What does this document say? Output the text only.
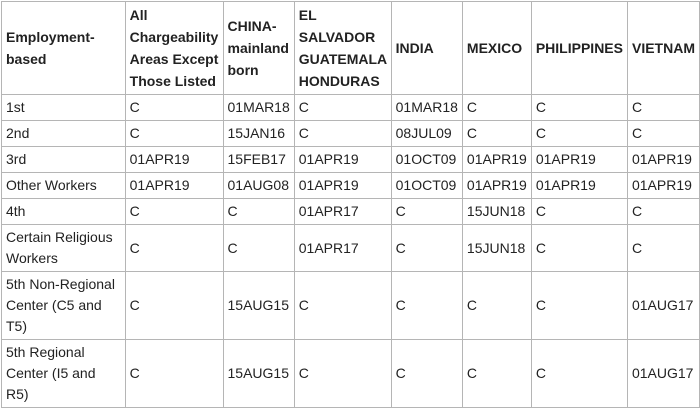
Employment-based	All Chargeability Areas Except Those Listed	CHINA-mainland born	EL SALVADOR GUATEMALA HONDURAS	INDIA	MEXICO	PHILIPPINES	VIETNAM
1st	C	01MAR18	C	01MAR18	C	C	C
2nd	C	15JAN16	C	08JUL09	C	C	C
3rd	01APR19	15FEB17	01APR19	01OCT09	01APR19	01APR19	01APR19
Other Workers	01APR19	01AUG08	01APR19	01OCT09	01APR19	01APR19	01APR19
4th	C	C	01APR17	C	15JUN18	C	C
Certain Religious Workers	C	C	01APR17	C	15JUN18	C	C
5th Non-Regional Center (C5 and T5)	C	15AUG15	C	C	C	C	01AUG17
5th Regional Center (I5 and R5)	C	15AUG15	C	C	C	C	01AUG17
